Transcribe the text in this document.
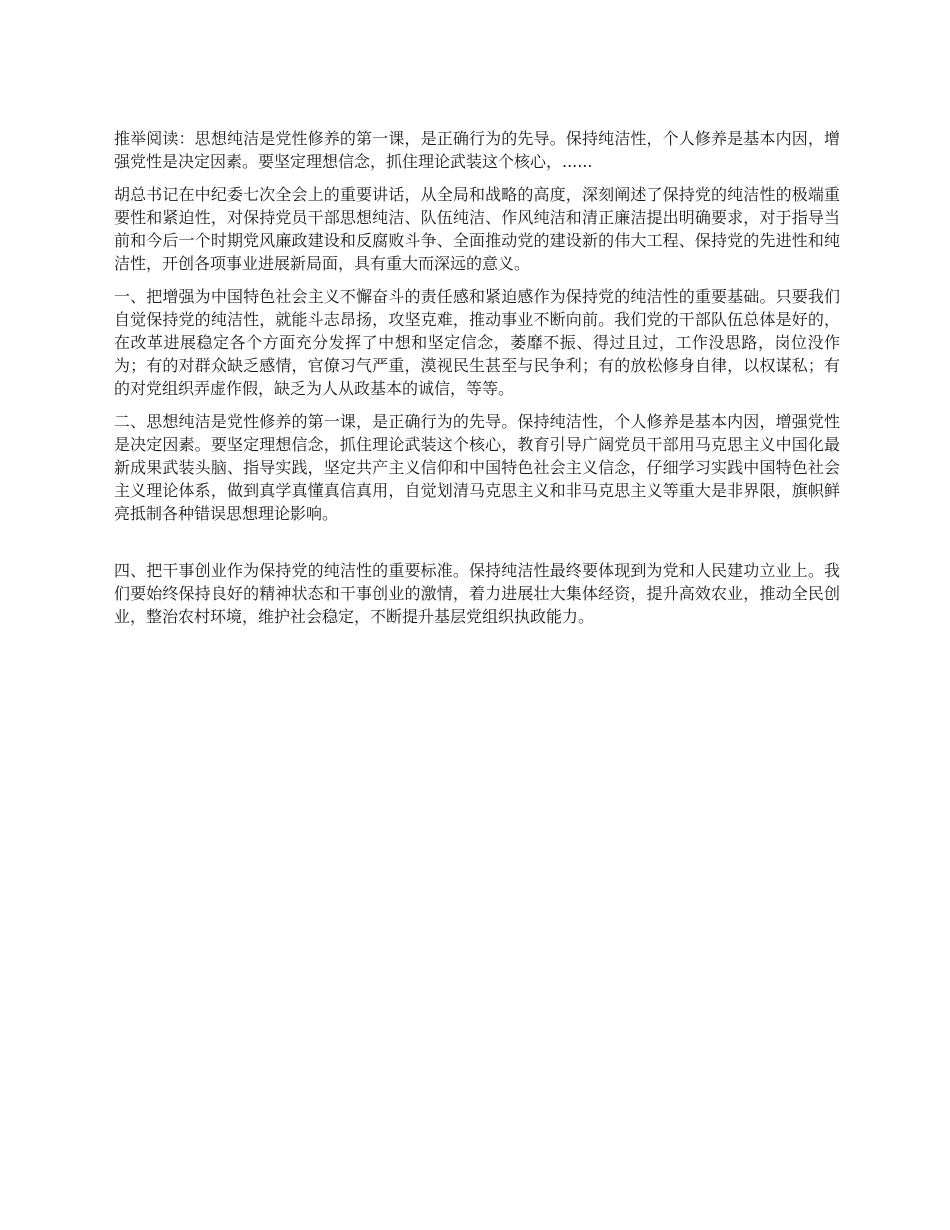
推举阅读：思想纯洁是党性修养的第一课，是正确行为的先导。保持纯洁性，个人修养是基本内因，增强党性是决定因素。要坚定理想信念，抓住理论武装这个核心，......

胡总书记在中纪委七次全会上的重要讲话，从全局和战略的高度，深刻阐述了保持党的纯洁性的极端重要性和紧迫性，对保持党员干部思想纯洁、队伍纯洁、作风纯洁和清正廉洁提出明确要求，对于指导当前和今后一个时期党风廉政建设和反腐败斗争、全面推动党的建设新的伟大工程、保持党的先进性和纯洁性，开创各项事业进展新局面，具有重大而深远的意义。

一、把增强为中国特色社会主义不懈奋斗的责任感和紧迫感作为保持党的纯洁性的重要基础。只要我们自觉保持党的纯洁性，就能斗志昂扬，攻坚克难，推动事业不断向前。我们党的干部队伍总体是好的，在改革进展稳定各个方面充分发挥了中想和坚定信念，萎靡不振、得过且过，工作没思路，岗位没作为；有的对群众缺乏感情，官僚习气严重，漠视民生甚至与民争利；有的放松修身自律，以权谋私；有的对党组织弄虚作假，缺乏为人从政基本的诚信，等等。

二、思想纯洁是党性修养的第一课，是正确行为的先导。保持纯洁性，个人修养是基本内因，增强党性是决定因素。要坚定理想信念，抓住理论武装这个核心，教育引导广阔党员干部用马克思主义中国化最新成果武装头脑、指导实践，坚定共产主义信仰和中国特色社会主义信念，仔细学习实践中国特色社会主义理论体系，做到真学真懂真信真用，自觉划清马克思主义和非马克思主义等重大是非界限，旗帜鲜亮抵制各种错误思想理论影响。

四、把干事创业作为保持党的纯洁性的重要标准。保持纯洁性最终要体现到为党和人民建功立业上。我们要始终保持良好的精神状态和干事创业的激情，着力进展壮大集体经资，提升高效农业，推动全民创业，整治农村环境，维护社会稳定，不断提升基层党组织执政能力。
